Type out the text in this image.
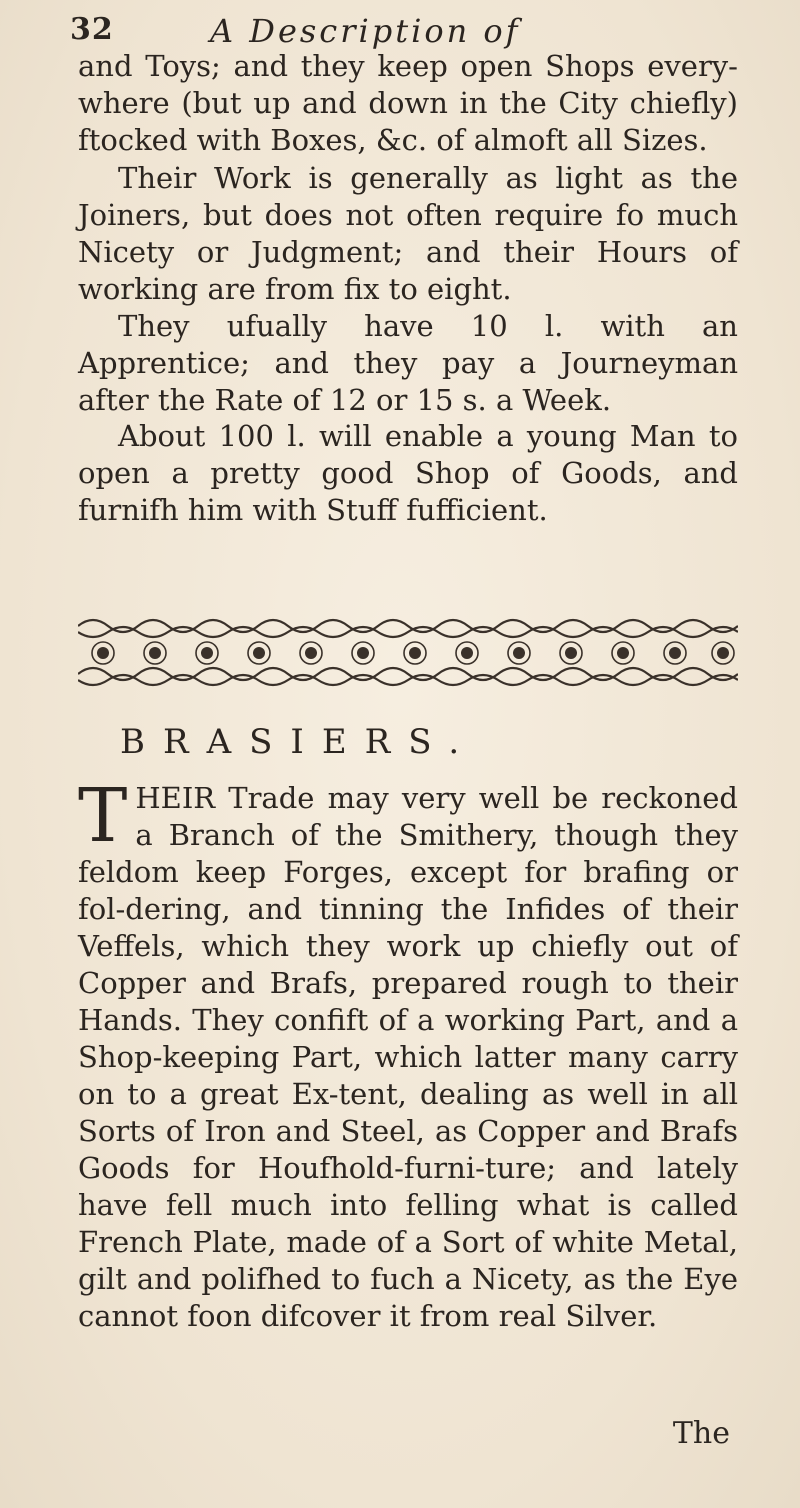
32	A Description of

and Toys; and they keep open Shops every-where (but up and down in the City chiefly) ftocked with Boxes, &c. of almoft all Sizes.

Their Work is generally as light as the Joiners, but does not often require fo much Nicety or Judgment; and their Hours of working are from fix to eight.

They ufually have 10 l. with an Apprentice; and they pay a Journeyman after the Rate of 12 or 15 s. a Week.

About 100 l. will enable a young Man to open a pretty good Shop of Goods, and furnifh him with Stuff fufficient.

BRASIERS.

THEIR Trade may very well be reckoned a Branch of the Smithery, though they feldom keep Forges, except for brafing or fol-dering, and tinning the Infides of their Veffels, which they work up chiefly out of Copper and Brafs, prepared rough to their Hands. They confift of a working Part, and a Shop-keeping Part, which latter many carry on to a great Ex-tent, dealing as well in all Sorts of Iron and Steel, as Copper and Brafs Goods for Houfhold-furni-ture; and lately have fell much into felling what is called French Plate, made of a Sort of white Metal, gilt and polifhed to fuch a Nicety, as the Eye cannot foon difcover it from real Silver.

The
